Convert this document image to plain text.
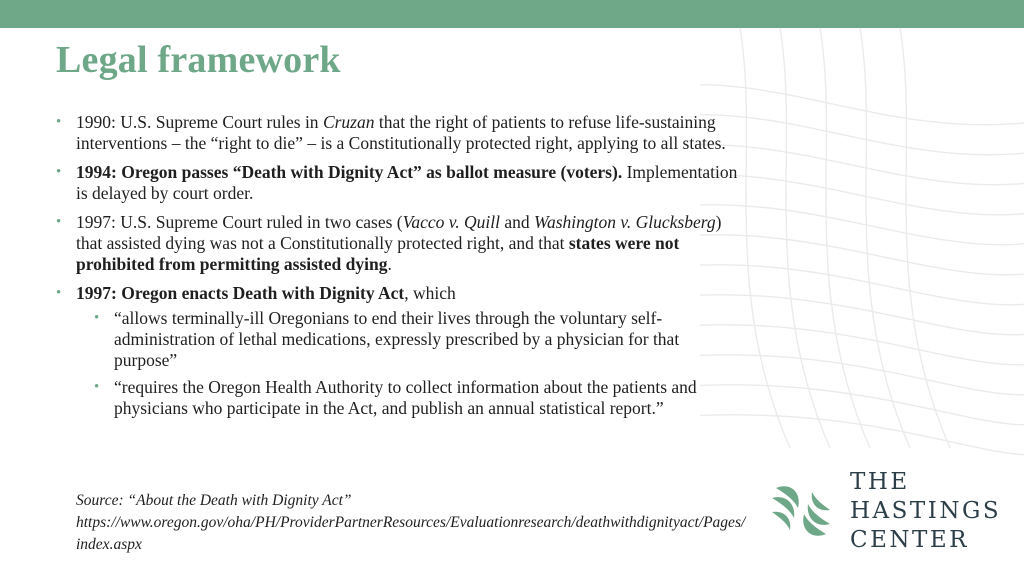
Legal framework
• 1990: U.S. Supreme Court rules in Cruzan that the right of patients to refuse life-sustaining interventions – the “right to die” – is a Constitutionally protected right, applying to all states.
• 1994: Oregon passes “Death with Dignity Act” as ballot measure (voters). Implementation is delayed by court order.
• 1997: U.S. Supreme Court ruled in two cases (Vacco v. Quill and Washington v. Glucksberg) that assisted dying was not a Constitutionally protected right, and that states were not prohibited from permitting assisted dying.
• 1997: Oregon enacts Death with Dignity Act, which
• “allows terminally-ill Oregonians to end their lives through the voluntary self-administration of lethal medications, expressly prescribed by a physician for that purpose”
• “requires the Oregon Health Authority to collect information about the patients and physicians who participate in the Act, and publish an annual statistical report.”
Source: “About the Death with Dignity Act”
https://www.oregon.gov/oha/PH/ProviderPartnerResources/Evaluationresearch/deathwithdignityact/Pages/index.aspx
THE
HASTINGS
CENTER
